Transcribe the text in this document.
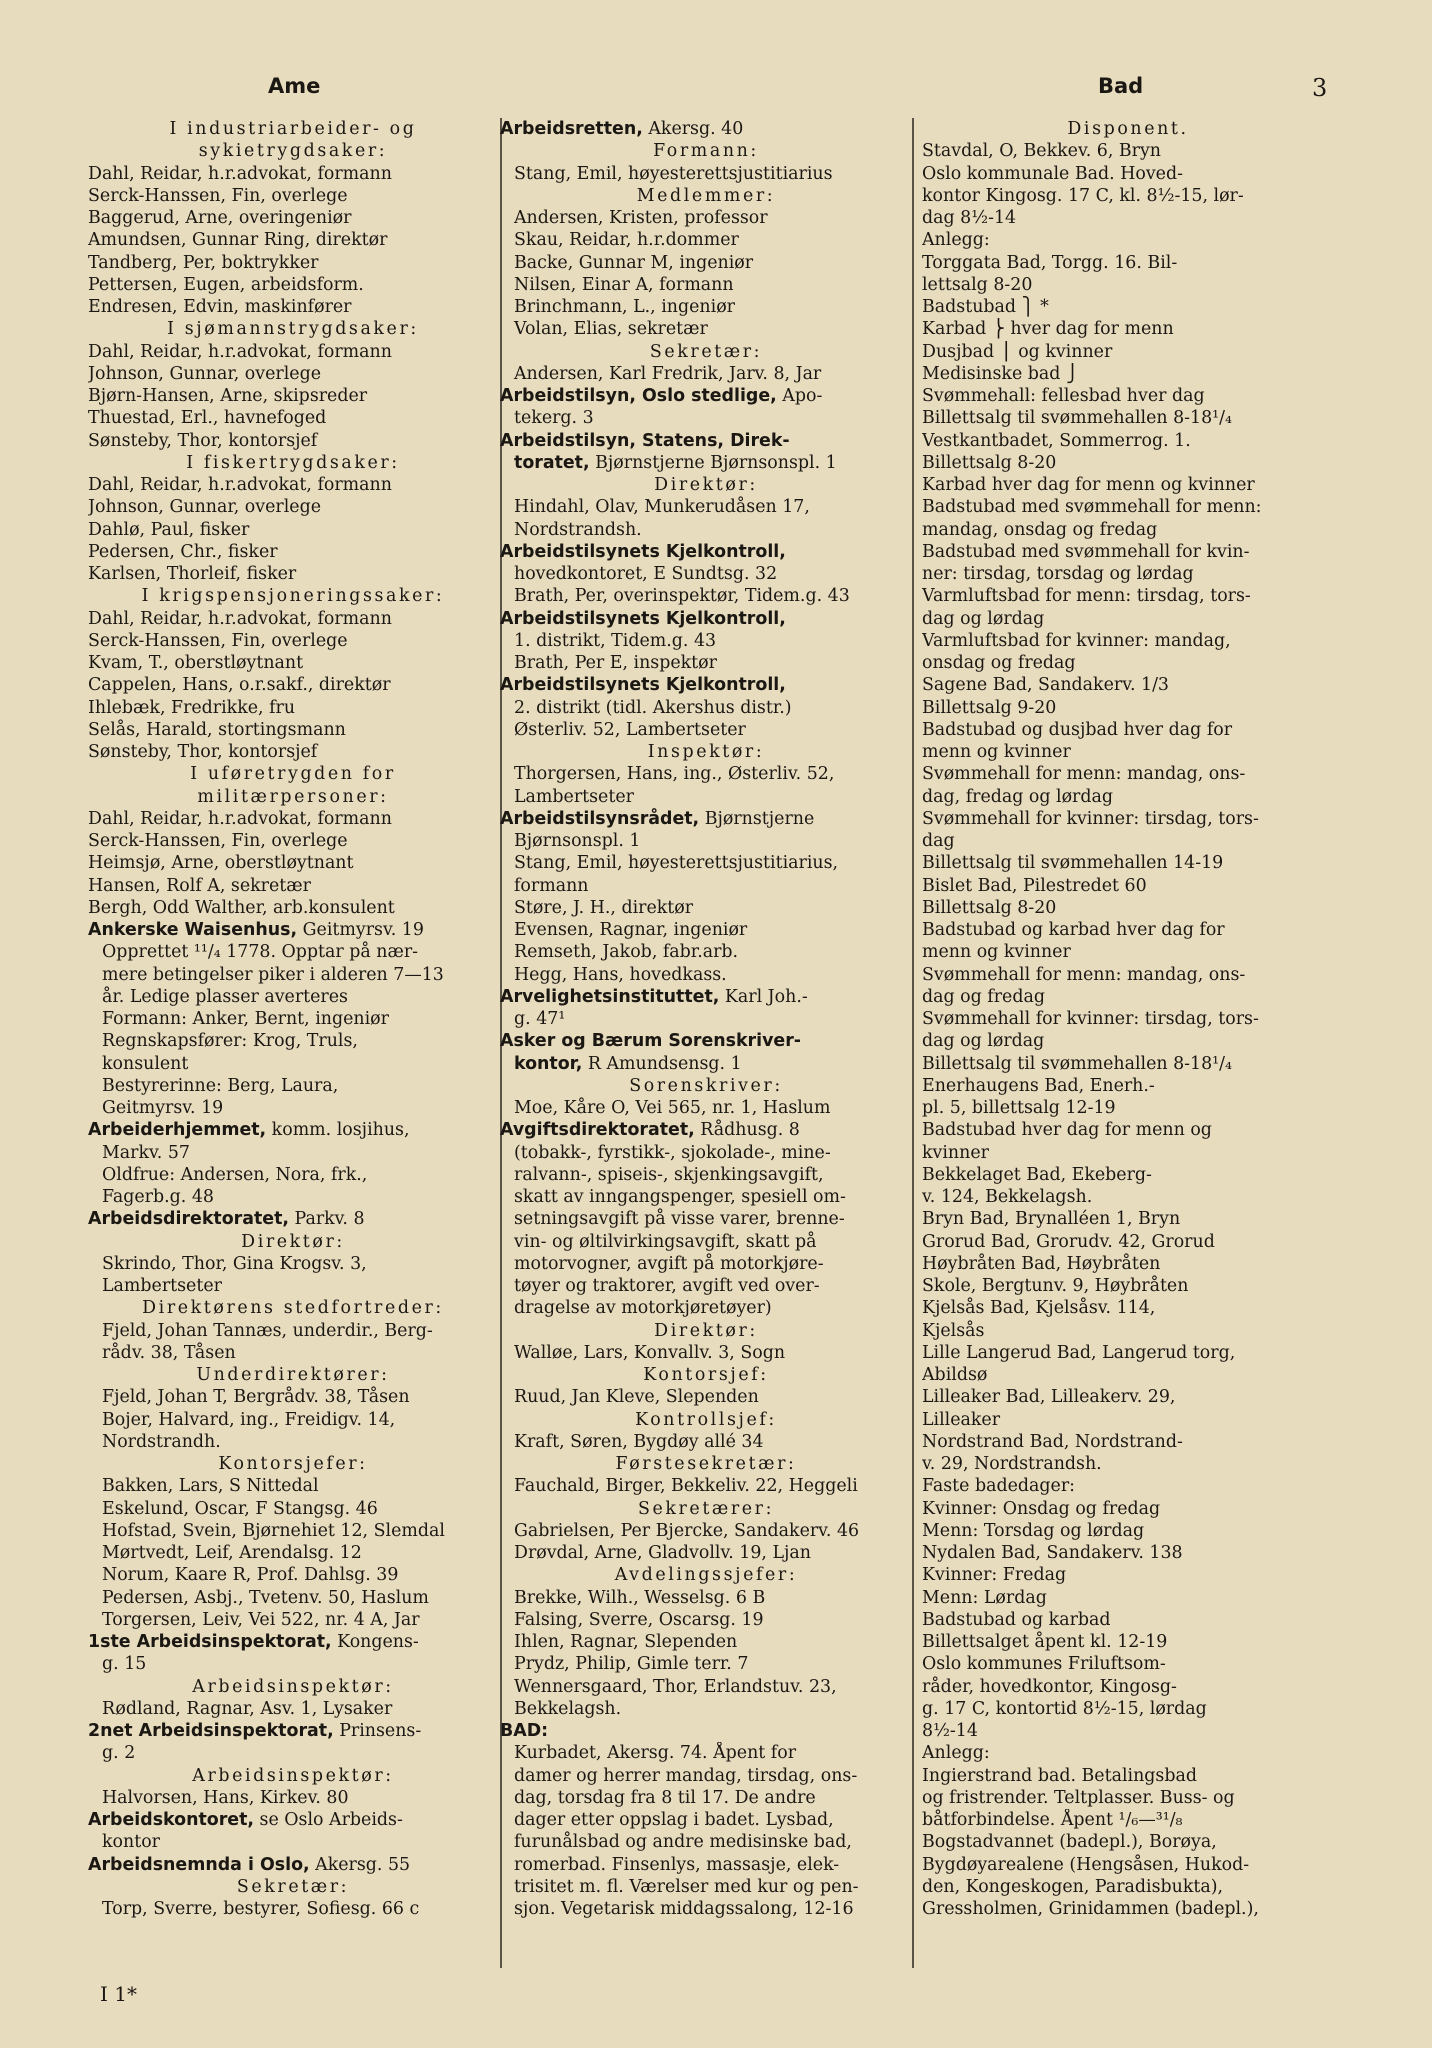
Ame	Bad	3
I industriarbeider- og
sykietrygdsaker:
Dahl, Reidar, h.r.advokat, formann
Serck-Hanssen, Fin, overlege
Baggerud, Arne, overingeniør
Amundsen, Gunnar Ring, direktør
Tandberg, Per, boktrykker
Pettersen, Eugen, arbeidsform.
Endresen, Edvin, maskinfører
I sjømannstrygdsaker:
Dahl, Reidar, h.r.advokat, formann
Johnson, Gunnar, overlege
Bjørn-Hansen, Arne, skipsreder
Thuestad, Erl., havnefoged
Sønsteby, Thor, kontorsjef
I fiskertrygdsaker:
Dahl, Reidar, h.r.advokat, formann
Johnson, Gunnar, overlege
Dahlø, Paul, fisker
Pedersen, Chr., fisker
Karlsen, Thorleif, fisker
I krigspensjoneringssaker:
Dahl, Reidar, h.r.advokat, formann
Serck-Hanssen, Fin, overlege
Kvam, T., oberstløytnant
Cappelen, Hans, o.r.sakf., direktør
Ihlebæk, Fredrikke, fru
Selås, Harald, stortingsmann
Sønsteby, Thor, kontorsjef
I uføretrygden for
militærpersoner:
Dahl, Reidar, h.r.advokat, formann
Serck-Hanssen, Fin, overlege
Heimsjø, Arne, oberstløytnant
Hansen, Rolf A, sekretær
Bergh, Odd Walther, arb.konsulent
Ankerske Waisenhus, Geitmyrsv. 19
Opprettet ¹¹/₄ 1778. Opptar på nær-
mere betingelser piker i alderen 7—13
år. Ledige plasser averteres
Formann: Anker, Bernt, ingeniør
Regnskapsfører: Krog, Truls,
konsulent
Bestyrerinne: Berg, Laura,
Geitmyrsv. 19
Arbeiderhjemmet, komm. losjihus,
Markv. 57
Oldfrue: Andersen, Nora, frk.,
Fagerb.g. 48
Arbeidsdirektoratet, Parkv. 8
Direktør:
Skrindo, Thor, Gina Krogsv. 3,
Lambertseter
Direktørens stedfortreder:
Fjeld, Johan Tannæs, underdir., Berg-
rådv. 38, Tåsen
Underdirektører:
Fjeld, Johan T, Bergrådv. 38, Tåsen
Bojer, Halvard, ing., Freidigv. 14,
Nordstrandh.
Kontorsjefer:
Bakken, Lars, S Nittedal
Eskelund, Oscar, F Stangsg. 46
Hofstad, Svein, Bjørnehiet 12, Slemdal
Mørtvedt, Leif, Arendalsg. 12
Norum, Kaare R, Prof. Dahlsg. 39
Pedersen, Asbj., Tvetenv. 50, Haslum
Torgersen, Leiv, Vei 522, nr. 4 A, Jar
1ste Arbeidsinspektorat, Kongens-
g. 15
Arbeidsinspektør:
Rødland, Ragnar, Asv. 1, Lysaker
2net Arbeidsinspektorat, Prinsens-
g. 2
Arbeidsinspektør:
Halvorsen, Hans, Kirkev. 80
Arbeidskontoret, se Oslo Arbeids-
kontor
Arbeidsnemnda i Oslo, Akersg. 55
Sekretær:
Torp, Sverre, bestyrer, Sofiesg. 66 c
Arbeidsretten, Akersg. 40
Formann:
Stang, Emil, høyesterettsjustitiarius
Medlemmer:
Andersen, Kristen, professor
Skau, Reidar, h.r.dommer
Backe, Gunnar M, ingeniør
Nilsen, Einar A, formann
Brinchmann, L., ingeniør
Volan, Elias, sekretær
Sekretær:
Andersen, Karl Fredrik, Jarv. 8, Jar
Arbeidstilsyn, Oslo stedlige, Apo-
tekerg. 3
Arbeidstilsyn, Statens, Direk-
toratet, Bjørnstjerne Bjørnsonspl. 1
Direktør:
Hindahl, Olav, Munkerudåsen 17,
Nordstrandsh.
Arbeidstilsynets Kjelkontroll,
hovedkontoret, E Sundtsg. 32
Brath, Per, overinspektør, Tidem.g. 43
Arbeidstilsynets Kjelkontroll,
1. distrikt, Tidem.g. 43
Brath, Per E, inspektør
Arbeidstilsynets Kjelkontroll,
2. distrikt (tidl. Akershus distr.)
Østerliv. 52, Lambertseter
Inspektør:
Thorgersen, Hans, ing., Østerliv. 52,
Lambertseter
Arbeidstilsynsrådet, Bjørnstjerne
Bjørnsonspl. 1
Stang, Emil, høyesterettsjustitiarius,
formann
Støre, J. H., direktør
Evensen, Ragnar, ingeniør
Remseth, Jakob, fabr.arb.
Hegg, Hans, hovedkass.
Arvelighetsinstituttet, Karl Joh.-
g. 47¹
Asker og Bærum Sorenskriver-
kontor, R Amundsensg. 1
Sorenskriver:
Moe, Kåre O, Vei 565, nr. 1, Haslum
Avgiftsdirektoratet, Rådhusg. 8
(tobakk-, fyrstikk-, sjokolade-, mine-
ralvann-, spiseis-, skjenkingsavgift,
skatt av inngangspenger, spesiell om-
setningsavgift på visse varer, brenne-
vin- og øltilvirkingsavgift, skatt på
motorvogner, avgift på motorkjøre-
tøyer og traktorer, avgift ved over-
dragelse av motorkjøretøyer)
Direktør:
Walløe, Lars, Konvallv. 3, Sogn
Kontorsjef:
Ruud, Jan Kleve, Slependen
Kontrollsjef:
Kraft, Søren, Bygdøy allé 34
Førstesekretær:
Fauchald, Birger, Bekkeliv. 22, Heggeli
Sekretærer:
Gabrielsen, Per Bjercke, Sandakerv. 46
Drøvdal, Arne, Gladvollv. 19, Ljan
Avdelingssjefer:
Brekke, Wilh., Wesselsg. 6 B
Falsing, Sverre, Oscarsg. 19
Ihlen, Ragnar, Slependen
Prydz, Philip, Gimle terr. 7
Wennersgaard, Thor, Erlandstuv. 23,
Bekkelagsh.
BAD:
Kurbadet, Akersg. 74. Åpent for
damer og herrer mandag, tirsdag, ons-
dag, torsdag fra 8 til 17. De andre
dager etter oppslag i badet. Lysbad,
furunålsbad og andre medisinske bad,
romerbad. Finsenlys, massasje, elek-
trisitet m. fl. Værelser med kur og pen-
sjon. Vegetarisk middagssalong, 12-16
Disponent.
Stavdal, O, Bekkev. 6, Bryn
Oslo kommunale Bad. Hoved-
kontor Kingosg. 17 C, kl. 8½-15, lør-
dag 8½-14
Anlegg:
Torggata Bad, Torgg. 16. Bil-
lettsalg 8-20
Badstubad ⎫ *
Karbad ⎬ hver dag for menn
Dusjbad ⎪ og kvinner
Medisinske bad ⎭
Svømmehall: fellesbad hver dag
Billettsalg til svømmehallen 8-18¹/₄
Vestkantbadet, Sommerrog. 1.
Billettsalg 8-20
Karbad hver dag for menn og kvinner
Badstubad med svømmehall for menn:
mandag, onsdag og fredag
Badstubad med svømmehall for kvin-
ner: tirsdag, torsdag og lørdag
Varmluftsbad for menn: tirsdag, tors-
dag og lørdag
Varmluftsbad for kvinner: mandag,
onsdag og fredag
Sagene Bad, Sandakerv. 1/3
Billettsalg 9-20
Badstubad og dusjbad hver dag for
menn og kvinner
Svømmehall for menn: mandag, ons-
dag, fredag og lørdag
Svømmehall for kvinner: tirsdag, tors-
dag
Billettsalg til svømmehallen 14-19
Bislet Bad, Pilestredet 60
Billettsalg 8-20
Badstubad og karbad hver dag for
menn og kvinner
Svømmehall for menn: mandag, ons-
dag og fredag
Svømmehall for kvinner: tirsdag, tors-
dag og lørdag
Billettsalg til svømmehallen 8-18¹/₄
Enerhaugens Bad, Enerh.-
pl. 5, billettsalg 12-19
Badstubad hver dag for menn og
kvinner
Bekkelaget Bad, Ekeberg-
v. 124, Bekkelagsh.
Bryn Bad, Brynalléen 1, Bryn
Grorud Bad, Grorudv. 42, Grorud
Høybråten Bad, Høybråten
Skole, Bergtunv. 9, Høybråten
Kjelsås Bad, Kjelsåsv. 114,
Kjelsås
Lille Langerud Bad, Langerud torg,
Abildsø
Lilleaker Bad, Lilleakerv. 29,
Lilleaker
Nordstrand Bad, Nordstrand-
v. 29, Nordstrandsh.
Faste badedager:
Kvinner: Onsdag og fredag
Menn: Torsdag og lørdag
Nydalen Bad, Sandakerv. 138
Kvinner: Fredag
Menn: Lørdag
Badstubad og karbad
Billettsalget åpent kl. 12-19
Oslo kommunes Friluftsom-
råder, hovedkontor, Kingosg-
g. 17 C, kontortid 8½-15, lørdag
8½-14
Anlegg:
Ingierstrand bad. Betalingsbad
og fristrender. Teltplasser. Buss- og
båtforbindelse. Åpent ¹/₆—³¹/₈
Bogstadvannet (badepl.), Borøya,
Bygdøyarealene (Hengsåsen, Hukod-
den, Kongeskogen, Paradisbukta),
Gressholmen, Grinidammen (badepl.),
I 1*
